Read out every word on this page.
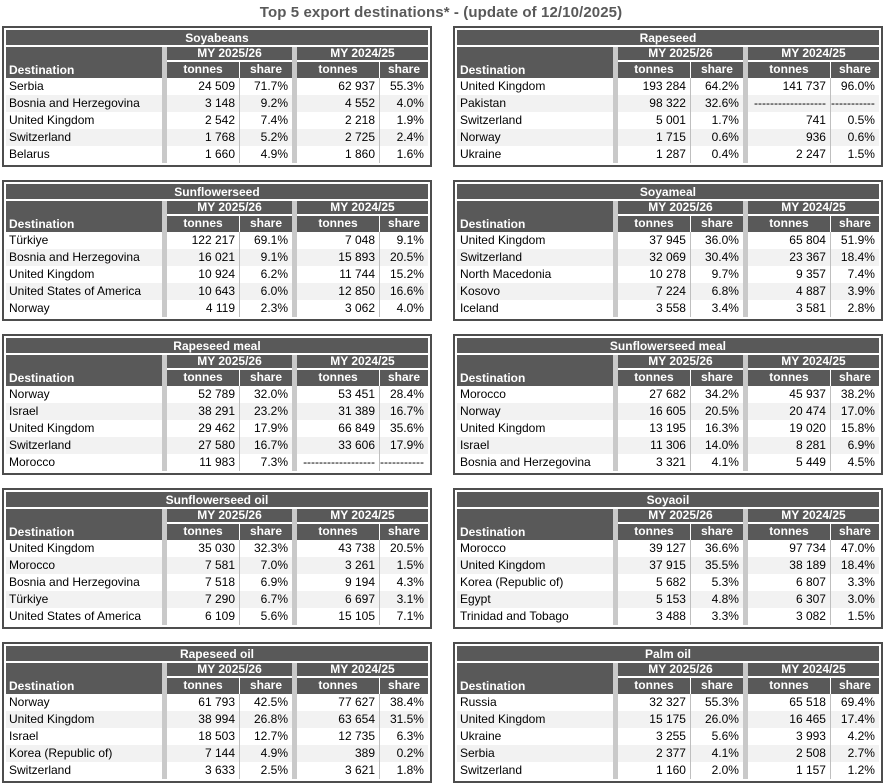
Top 5 export destinations* - (update of 12/10/2025)
Soyabeans
Destination
MY 2025/26	MY 2024/25
tonnes	share	tonnes	share
Serbia	24 509	71.7%	62 937	55.3%
Bosnia and Herzegovina	3 148	9.2%	4 552	4.0%
United Kingdom	2 542	7.4%	2 218	1.9%
Switzerland	1 768	5.2%	2 725	2.4%
Belarus	1 660	4.9%	1 860	1.6%
Rapeseed
Destination
MY 2025/26	MY 2024/25
tonnes	share	tonnes	share
United Kingdom	193 284	64.2%	141 737	96.0%
Pakistan	98 322	32.6%	------------------ -----------
Switzerland	5 001	1.7%	741	0.5%
Norway	1 715	0.6%	936	0.6%
Ukraine	1 287	0.4%	2 247	1.5%
Sunflowerseed
Destination
MY 2025/26	MY 2024/25
tonnes	share	tonnes	share
Türkiye	122 217	69.1%	7 048	9.1%
Bosnia and Herzegovina	16 021	9.1%	15 893	20.5%
United Kingdom	10 924	6.2%	11 744	15.2%
United States of America	10 643	6.0%	12 850	16.6%
Norway	4 119	2.3%	3 062	4.0%
Soyameal
Destination
MY 2025/26	MY 2024/25
tonnes	share	tonnes	share
United Kingdom	37 945	36.0%	65 804	51.9%
Switzerland	32 069	30.4%	23 367	18.4%
North Macedonia	10 278	9.7%	9 357	7.4%
Kosovo	7 224	6.8%	4 887	3.9%
Iceland	3 558	3.4%	3 581	2.8%
Rapeseed meal
Destination
MY 2025/26	MY 2024/25
tonnes	share	tonnes	share
Norway	52 789	32.0%	53 451	28.4%
Israel	38 291	23.2%	31 389	16.7%
United Kingdom	29 462	17.9%	66 849	35.6%
Switzerland	27 580	16.7%	33 606	17.9%
Morocco	11 983	7.3%	------------------ -----------
Sunflowerseed meal
Destination
MY 2025/26	MY 2024/25
tonnes	share	tonnes	share
Morocco	27 682	34.2%	45 937	38.2%
Norway	16 605	20.5%	20 474	17.0%
United Kingdom	13 195	16.3%	19 020	15.8%
Israel	11 306	14.0%	8 281	6.9%
Bosnia and Herzegovina	3 321	4.1%	5 449	4.5%
Sunflowerseed oil
Destination
MY 2025/26	MY 2024/25
tonnes	share	tonnes	share
United Kingdom	35 030	32.3%	43 738	20.5%
Morocco	7 581	7.0%	3 261	1.5%
Bosnia and Herzegovina	7 518	6.9%	9 194	4.3%
Türkiye	7 290	6.7%	6 697	3.1%
United States of America	6 109	5.6%	15 105	7.1%
Soyaoil
Destination
MY 2025/26	MY 2024/25
tonnes	share	tonnes	share
Morocco	39 127	36.6%	97 734	47.0%
United Kingdom	37 915	35.5%	38 189	18.4%
Korea (Republic of)	5 682	5.3%	6 807	3.3%
Egypt	5 153	4.8%	6 307	3.0%
Trinidad and Tobago	3 488	3.3%	3 082	1.5%
Rapeseed oil
Destination
MY 2025/26	MY 2024/25
tonnes	share	tonnes	share
Norway	61 793	42.5%	77 627	38.4%
United Kingdom	38 994	26.8%	63 654	31.5%
Israel	18 503	12.7%	12 735	6.3%
Korea (Republic of)	7 144	4.9%	389	0.2%
Switzerland	3 633	2.5%	3 621	1.8%
Palm oil
Destination
MY 2025/26	MY 2024/25
tonnes	share	tonnes	share
Russia	32 327	55.3%	65 518	69.4%
United Kingdom	15 175	26.0%	16 465	17.4%
Ukraine	3 255	5.6%	3 993	4.2%
Serbia	2 377	4.1%	2 508	2.7%
Switzerland	1 160	2.0%	1 157	1.2%
